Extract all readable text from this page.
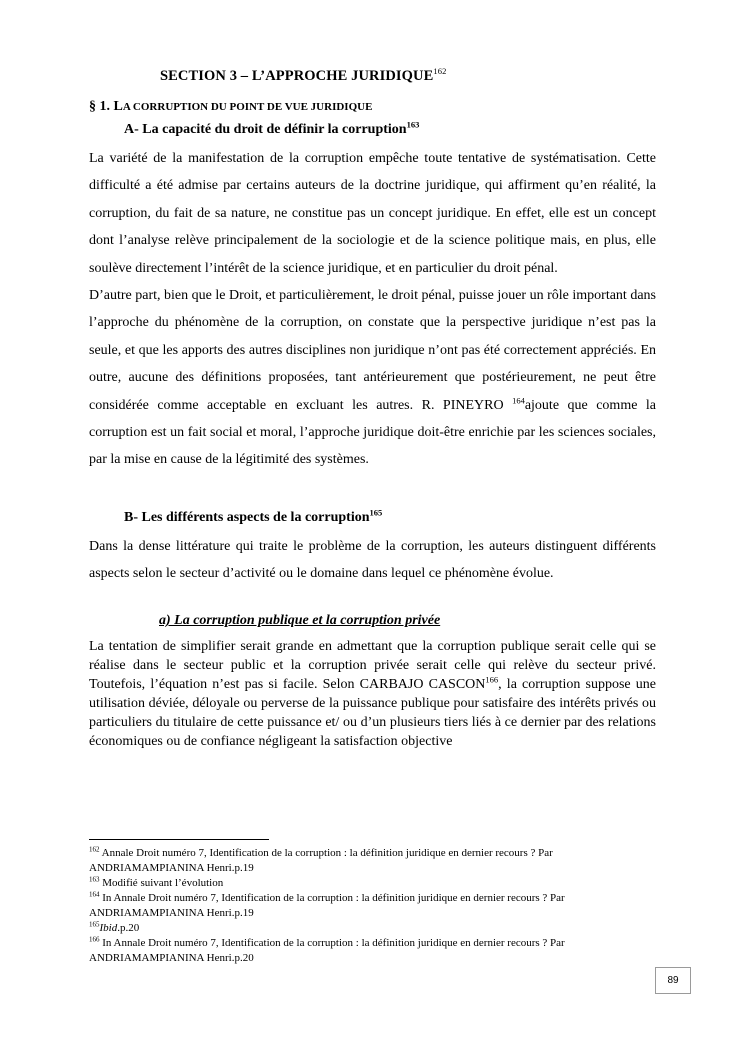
SECTION 3 – L’APPROCHE JURIDIQUE$^{162}$
§ 1. LA CORRUPTION DU POINT DE VUE JURIDIQUE
A- La capacité du droit de définir la corruption$^{163}$

La variété de la manifestation de la corruption empêche toute tentative de systématisation. Cette difficulté a été admise par certains auteurs de la doctrine juridique, qui affirment qu’en réalité, la corruption, du fait de sa nature, ne constitue pas un concept juridique. En effet, elle est un concept dont l’analyse relève principalement de la sociologie et de la science politique mais, en plus, elle soulève directement l’intérêt de la science juridique, et en particulier du droit pénal.

D’autre part, bien que le Droit, et particulièrement, le droit pénal, puisse jouer un rôle important dans l’approche du phénomène de la corruption, on constate que la perspective juridique n’est pas la seule, et que les apports des autres disciplines non juridique n’ont pas été correctement appréciés. En outre, aucune des définitions proposées, tant antérieurement que postérieurement, ne peut être considérée comme acceptable en excluant les autres. R. PINEYRO $^{164}$ajoute que comme la corruption est un fait social et moral, l’approche juridique doit-être enrichie par les sciences sociales, par la mise en cause de la légitimité des systèmes.

B- Les différents aspects de la corruption$^{165}$

Dans la dense littérature qui traite le problème de la corruption, les auteurs distinguent différents aspects selon le secteur d’activité ou le domaine dans lequel ce phénomène évolue.

a) La corruption publique et la corruption privée

La tentation de simplifier serait grande en admettant que la corruption publique serait celle qui se réalise dans le secteur public et la corruption privée serait celle qui relève du secteur privé. Toutefois, l’équation n’est pas si facile. Selon CARBAJO CASCON$^{166}$, la corruption suppose une utilisation déviée, déloyale ou perverse de la puissance publique pour satisfaire des intérêts privés ou particuliers du titulaire de cette puissance et/ ou d’un plusieurs tiers liés à ce dernier par des relations économiques ou de confiance négligeant la satisfaction objective

$^{162}$ Annale Droit numéro 7, Identification de la corruption : la définition juridique en dernier recours ? Par ANDRIAMAMPIANINA Henri.p.19

$^{163}$ Modifié suivant l’évolution

$^{164}$ In Annale Droit numéro 7, Identification de la corruption : la définition juridique en dernier recours ? Par ANDRIAMAMPIANINA Henri.p.19

$^{165}$Ibid.p.20

$^{166}$ In Annale Droit numéro 7, Identification de la corruption : la définition juridique en dernier recours ? Par ANDRIAMAMPIANINA Henri.p.20

89
